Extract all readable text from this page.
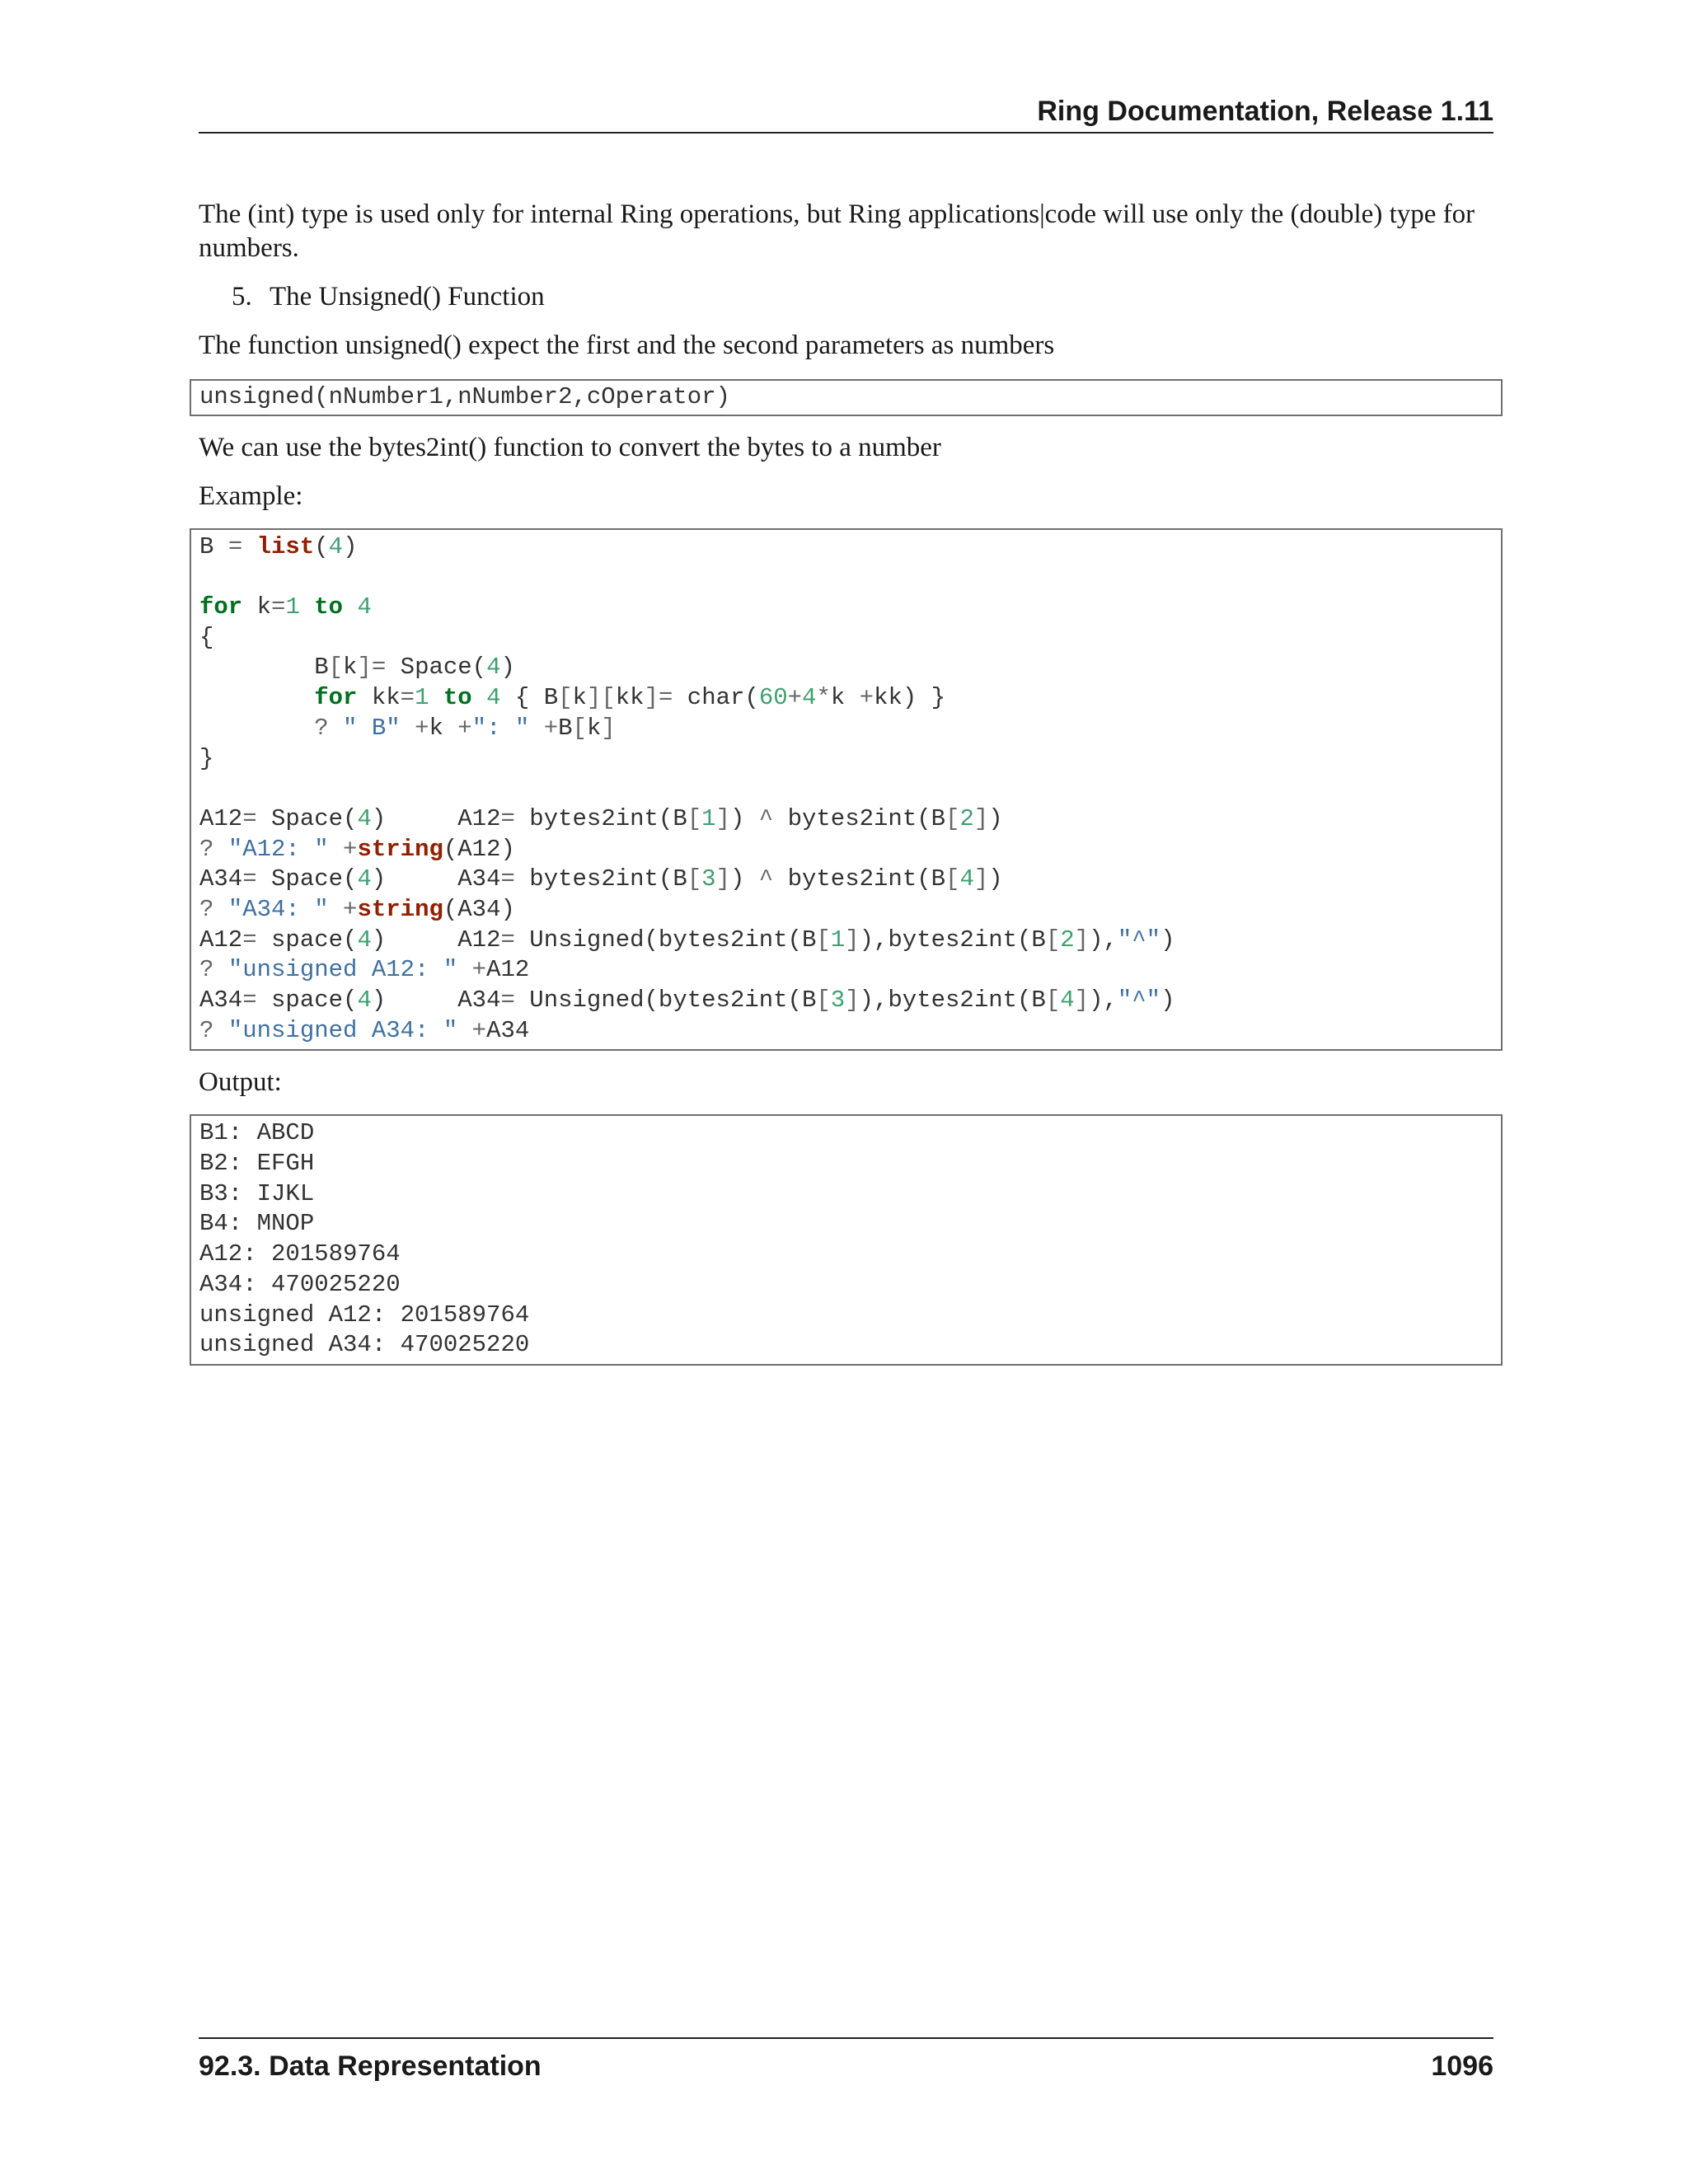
Ring Documentation, Release 1.11

The (int) type is used only for internal Ring operations, but Ring applications|code will use only the (double) type for numbers.

5. The Unsigned() Function

The function unsigned() expect the first and the second parameters as numbers

unsigned(nNumber1,nNumber2,cOperator)

We can use the bytes2int() function to convert the bytes to a number

Example:

B = list(4)
for k=1 to 4
{
B[k]= Space(4)
for kk=1 to 4 { B[k][kk]= char(60+4*k +kk) }
? " B" +k +": " +B[k]
}
A12= Space(4)     A12= bytes2int(B[1]) ^ bytes2int(B[2])
? "A12: " +string(A12)
A34= Space(4)     A34= bytes2int(B[3]) ^ bytes2int(B[4])
? "A34: " +string(A34)
A12= space(4)     A12= Unsigned(bytes2int(B[1]),bytes2int(B[2]),"^")
? "unsigned A12: " +A12
A34= space(4)     A34= Unsigned(bytes2int(B[3]),bytes2int(B[4]),"^")
? "unsigned A34: " +A34

Output:

B1: ABCD
B2: EFGH
B3: IJKL
B4: MNOP
A12: 201589764
A34: 470025220
unsigned A12: 201589764
unsigned A34: 470025220
92.3. Data Representation	1096
